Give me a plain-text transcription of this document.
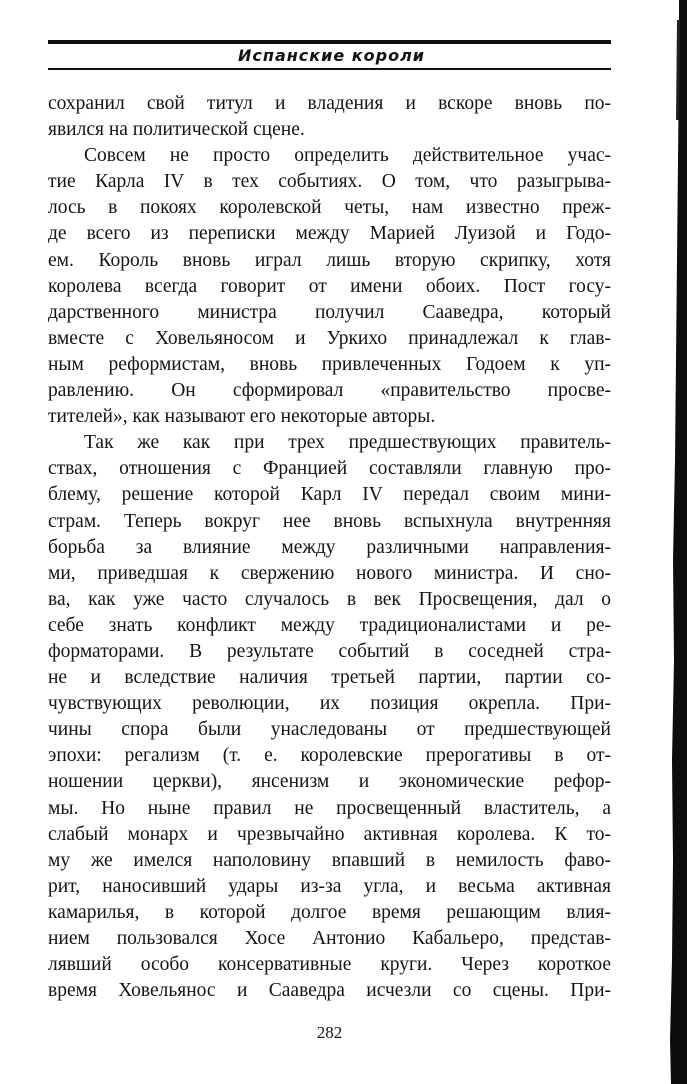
Испанские короли
сохранил свой титул и владения и вскоре вновь по-
явился на политической сцене.
Совсем не просто определить действительное учас-
тие Карла IV в тех событиях. О том, что разыгрыва-
лось в покоях королевской четы, нам известно преж-
де всего из переписки между Марией Луизой и Годо-
ем. Король вновь играл лишь вторую скрипку, хотя
королева всегда говорит от имени обоих. Пост госу-
дарственного министра получил Сааведра, который
вместе с Ховельяносом и Уркихо принадлежал к глав-
ным реформистам, вновь привлеченных Годоем к уп-
равлению. Он сформировал «правительство просве-
тителей», как называют его некоторые авторы.
Так же как при трех предшествующих правитель-
ствах, отношения с Францией составляли главную про-
блему, решение которой Карл IV передал своим мини-
страм. Теперь вокруг нее вновь вспыхнула внутренняя
борьба за влияние между различными направления-
ми, приведшая к свержению нового министра. И сно-
ва, как уже часто случалось в век Просвещения, дал о
себе знать конфликт между традиционалистами и ре-
форматорами. В результате событий в соседней стра-
не и вследствие наличия третьей партии, партии со-
чувствующих революции, их позиция окрепла. При-
чины спора были унаследованы от предшествующей
эпохи: регализм (т. е. королевские прерогативы в от-
ношении церкви), янсенизм и экономические рефор-
мы. Но ныне правил не просвещенный властитель, а
слабый монарх и чрезвычайно активная королева. К то-
му же имелся наполовину впавший в немилость фаво-
рит, наносивший удары из-за угла, и весьма активная
камарилья, в которой долгое время решающим влия-
нием пользовался Хосе Антонио Кабальеро, представ-
лявший особо консервативные круги. Через короткое
время Ховельянос и Сааведра исчезли со сцены. При-
282
